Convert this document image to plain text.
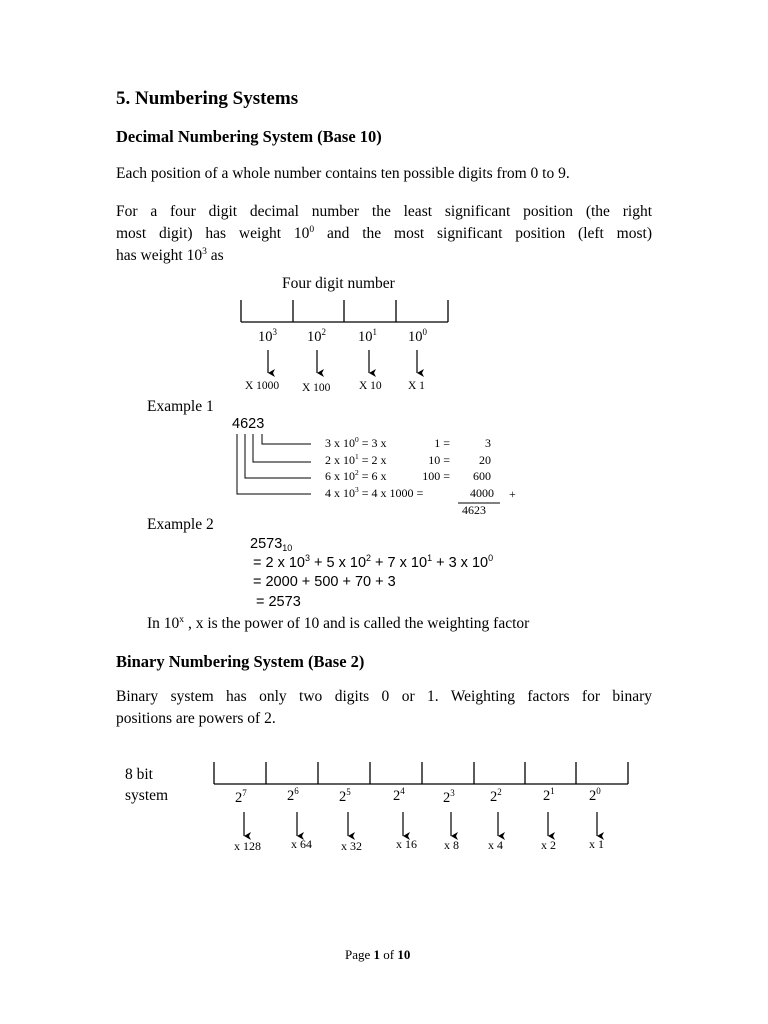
5. Numbering Systems
Decimal Numbering System (Base 10)
Each position of a whole number contains ten possible digits from 0 to 9.
For a four digit decimal number the least significant position (the right
most digit) has weight $10^0$ and the most significant position (left most)
has weight $10^3$ as
Four digit number
$10^3$ $10^2$ $10^1$ $10^0$
X 1000 X 100 X 10 X 1
Example 1
4623
3 x $10^0 = 3$ x	1 =	3
2 x $10^1 = 2$ x	10 =	20
6 x $10^2 = 6$ x	100 =	600
4 x $10^3 = 4$ x 1000 =	4000 +
4623
Example 2
$2573_{10}$
= 2 x $10^3 + 5$ x $10^2 + 7$ x $10^1 + 3$ x $10^0$
= 2000 + 500 + 70 + 3
= 2573
In 10$^x$ , x is the power of 10 and is called the weighting factor
Binary Numbering System (Base 2)
Binary system has only two digits 0 or 1. Weighting factors for binary
positions are powers of 2.
8 bit
system	$2^7$	$2^6$	$2^5$	$2^4$	$2^3$ $2^2$	$2^1$ $2^0$
x 128	x 64 x 32	x 16 x 8 x 4	x 2	x 1
Page 1 of 10
